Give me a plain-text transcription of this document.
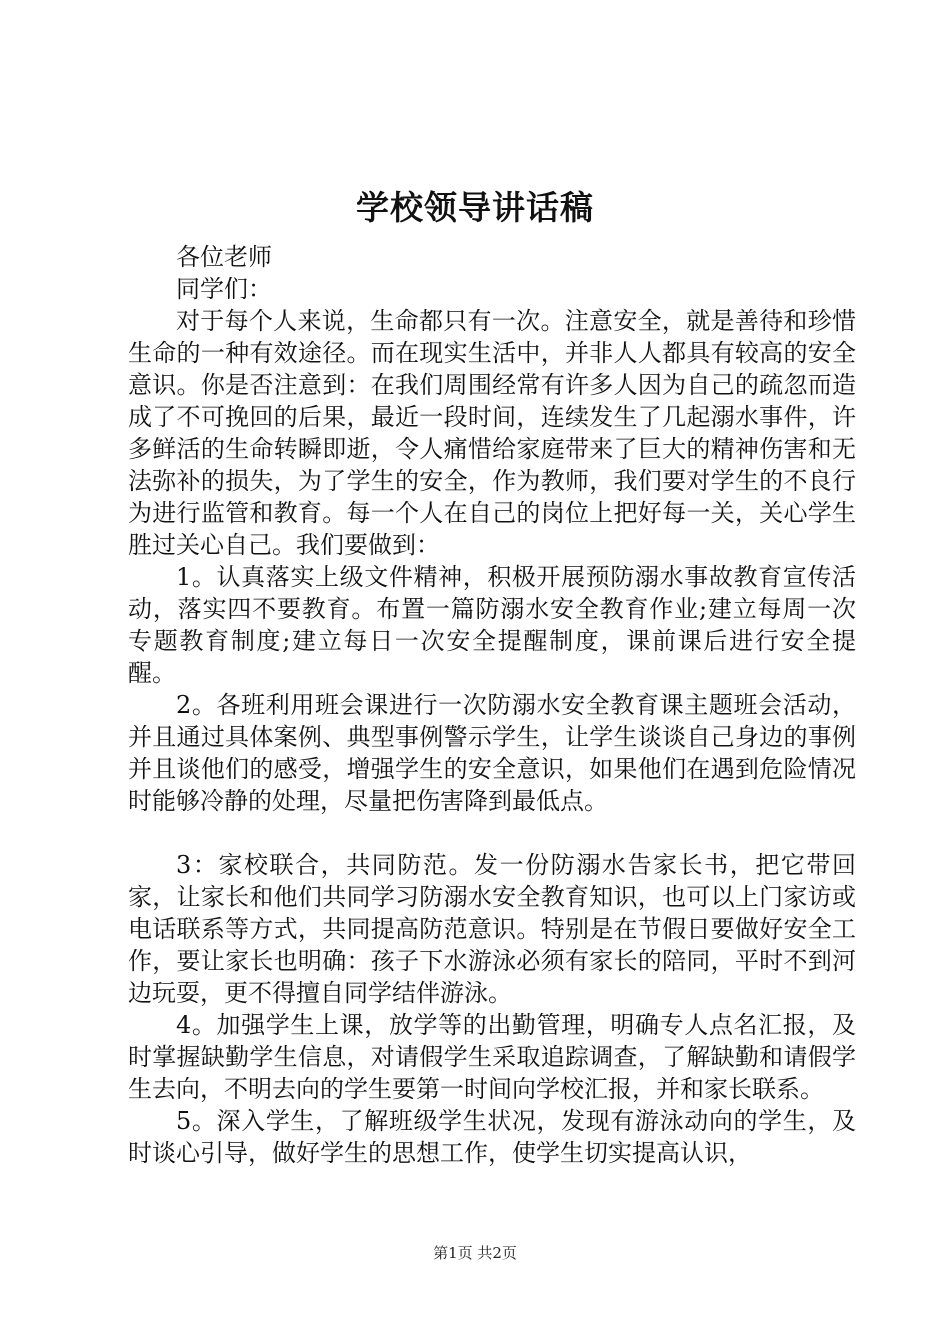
学校领导讲话稿

各位老师

同学们：

对于每个人来说，生命都只有一次。注意安全，就是善待和珍惜生命的一种有效途径。而在现实生活中，并非人人都具有较高的安全意识。你是否注意到：在我们周围经常有许多人因为自己的疏忽而造成了不可挽回的后果，最近一段时间，连续发生了几起溺水事件，许多鲜活的生命转瞬即逝，令人痛惜给家庭带来了巨大的精神伤害和无法弥补的损失，为了学生的安全，作为教师，我们要对学生的不良行为进行监管和教育。每一个人在自己的岗位上把好每一关，关心学生胜过关心自己。我们要做到：

1。认真落实上级文件精神，积极开展预防溺水事故教育宣传活动，落实四不要教育。布置一篇防溺水安全教育作业;建立每周一次专题教育制度;建立每日一次安全提醒制度，课前课后进行安全提醒。

2。各班利用班会课进行一次防溺水安全教育课主题班会活动，并且通过具体案例、典型事例警示学生，让学生谈谈自己身边的事例并且谈他们的感受，增强学生的安全意识，如果他们在遇到危险情况时能够冷静的处理，尽量把伤害降到最低点。

3：家校联合，共同防范。发一份防溺水告家长书，把它带回家，让家长和他们共同学习防溺水安全教育知识，也可以上门家访或电话联系等方式，共同提高防范意识。特别是在节假日要做好安全工作，要让家长也明确：孩子下水游泳必须有家长的陪同，平时不到河边玩耍，更不得擅自同学结伴游泳。

4。加强学生上课，放学等的出勤管理，明确专人点名汇报，及时掌握缺勤学生信息，对请假学生采取追踪调查，了解缺勤和请假学生去向，不明去向的学生要第一时间向学校汇报，并和家长联系。

5。深入学生，了解班级学生状况，发现有游泳动向的学生，及时谈心引导，做好学生的思想工作，使学生切实提高认识，

第1页 共2页
